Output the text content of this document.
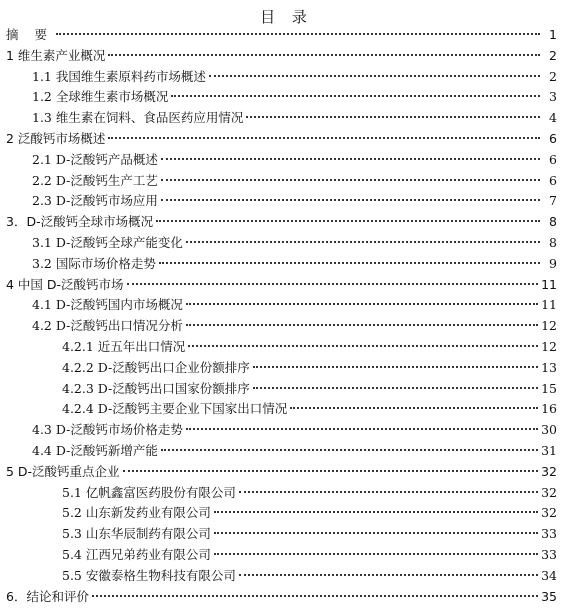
目 录
摘 要	1
1 维生素产业概况	2
1.1 我国维生素原料药市场概述	2
1.2 全球维生素市场概况	3
1.3 维生素在饲料、食品医药应用情况	4
2 泛酸钙市场概述	6
2.1 D-泛酸钙产品概述	6
2.2 D-泛酸钙生产工艺	6
2.3 D-泛酸钙市场应用	7
3．D-泛酸钙全球市场概况	8
3.1 D-泛酸钙全球产能变化	8
3.2 国际市场价格走势	9
4 中国 D-泛酸钙市场	11
4.1 D-泛酸钙国内市场概况	11
4.2 D-泛酸钙出口情况分析	12
4.2.1 近五年出口情况	12
4.2.2 D-泛酸钙出口企业份额排序	13
4.2.3 D-泛酸钙出口国家份额排序	15
4.2.4 D-泛酸钙主要企业下国家出口情况	16
4.3 D-泛酸钙市场价格走势	30
4.4 D-泛酸钙新增产能	31
5 D-泛酸钙重点企业	32
5.1 亿帆鑫富医药股份有限公司	32
5.2 山东新发药业有限公司	32
5.3 山东华辰制药有限公司	33
5.4 江西兄弟药业有限公司	33
5.5 安徽泰格生物科技有限公司	34
6．结论和评价	35
